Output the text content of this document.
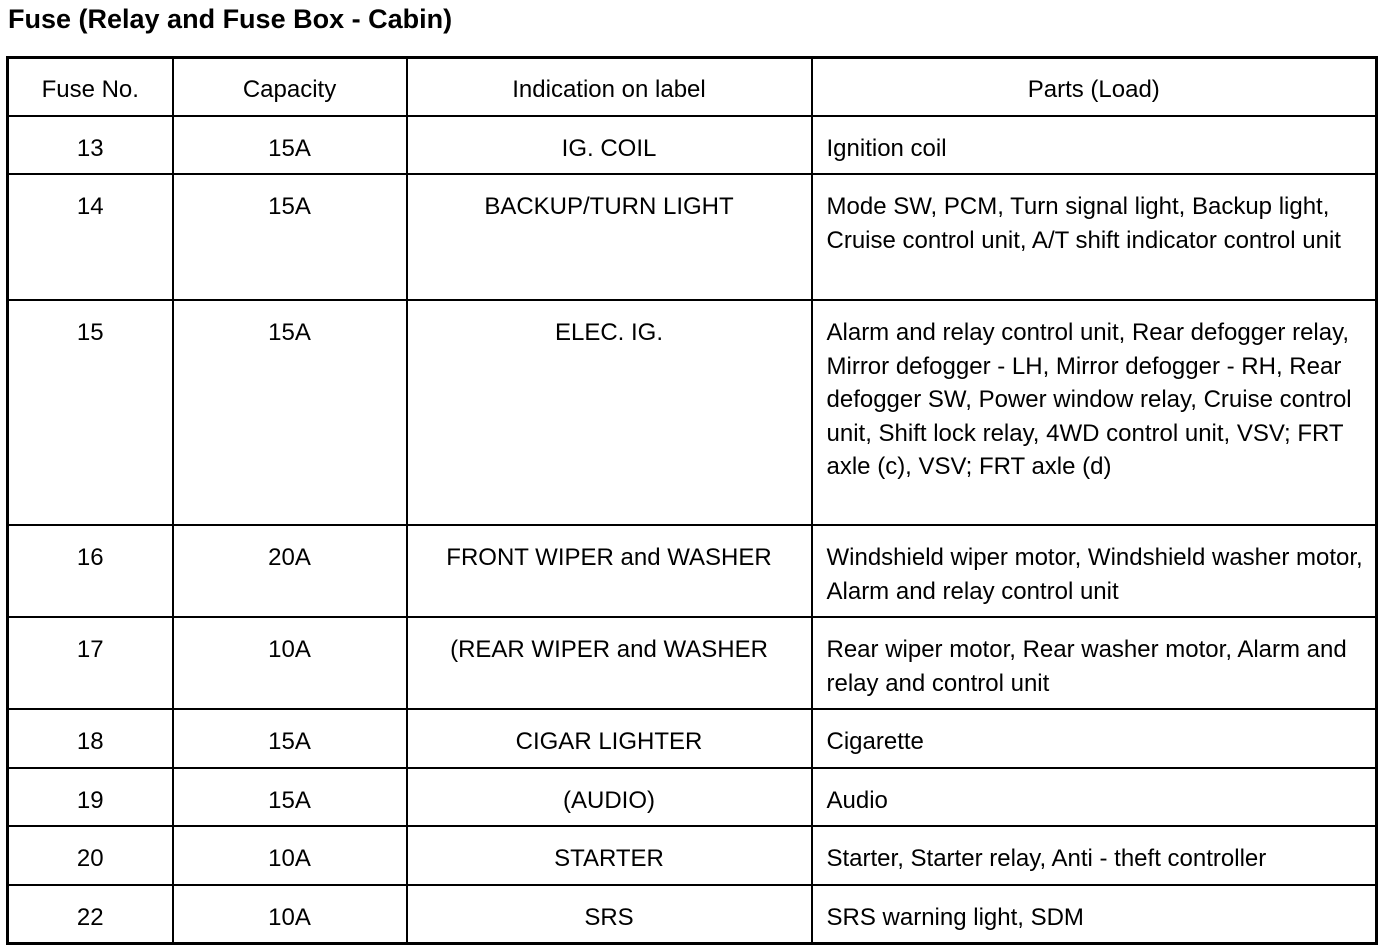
Fuse (Relay and Fuse Box - Cabin)
Fuse No.	Capacity	Indication on label	Parts (Load)
13	15A	IG. COIL	Ignition coil
14	15A	BACKUP/TURN LIGHT	Mode SW, PCM, Turn signal light, Backup light, Cruise control unit, A/T shift indicator control unit
15	15A	ELEC. IG.	Alarm and relay control unit, Rear defogger relay, Mirror defogger - LH, Mirror defogger - RH, Rear defogger SW, Power window relay, Cruise control unit, Shift lock relay, 4WD control unit, VSV; FRT axle (c), VSV; FRT axle (d)
16	20A	FRONT WIPER and WASHER	Windshield wiper motor, Windshield washer motor, Alarm and relay control unit
17	10A	(REAR WIPER and WASHER	Rear wiper motor, Rear washer motor, Alarm and relay and control unit
18	15A	CIGAR LIGHTER	Cigarette
19	15A	(AUDIO)	Audio
20	10A	STARTER	Starter, Starter relay, Anti - theft controller
22	10A	SRS	SRS warning light, SDM
